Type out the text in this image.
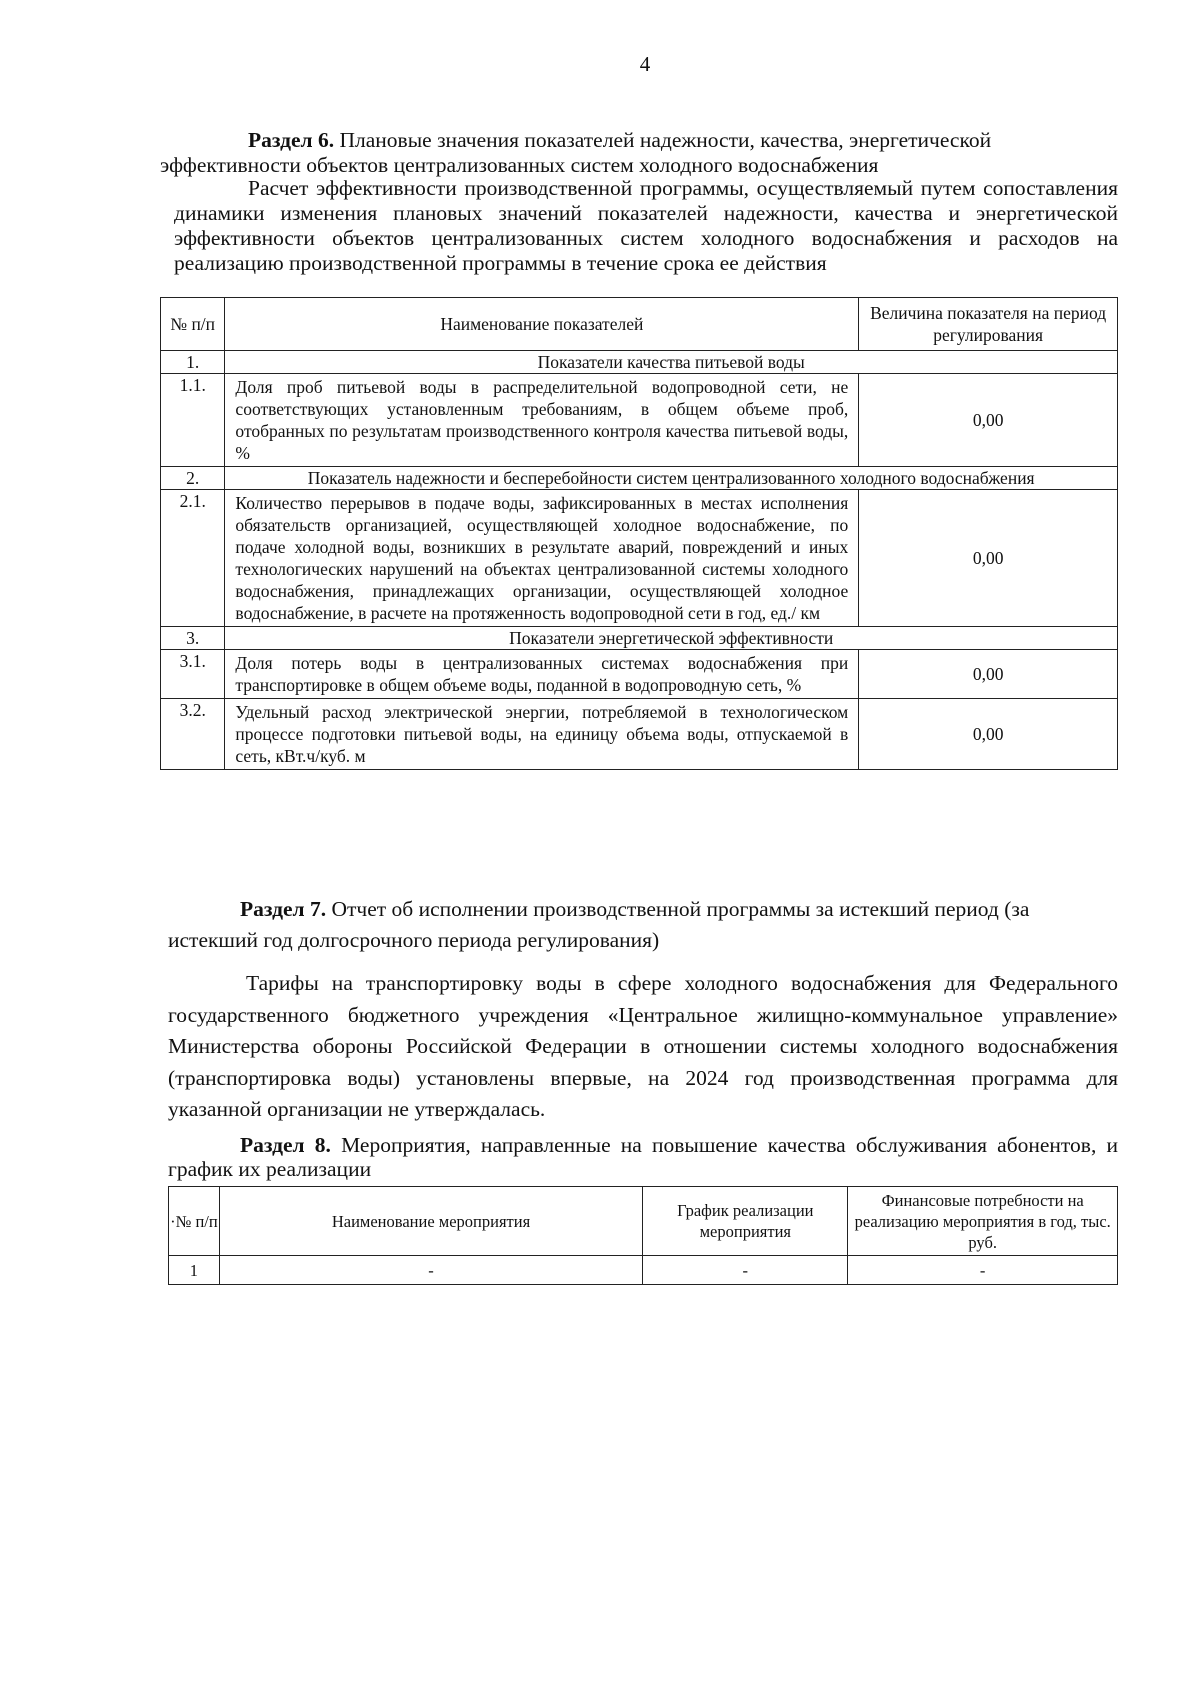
4
Раздел 6. Плановые значения показателей надежности, качества, энергетической эффективности объектов централизованных систем холодного водоснабжения
Расчет эффективности производственной программы, осуществляемый путем сопоставления динамики изменения плановых значений показателей надежности, качества и энергетической эффективности объектов централизованных систем холодного водоснабжения и расходов на реализацию производственной программы в течение срока ее действия
№ п/п	Наименование показателей	Величина показателя на период регулирования
1.	Показатели качества питьевой воды	
1.1.	Доля проб питьевой воды в распределительной водопроводной сети, не соответствующих установленным требованиям, в общем объеме проб, отобранных по результатам производственного контроля качества питьевой воды, %	0,00
2.	Показатель надежности и бесперебойности систем централизованного холодного водоснабжения	
2.1.	Количество перерывов в подаче воды, зафиксированных в местах исполнения обязательств организацией, осуществляющей холодное водоснабжение, по подаче холодной воды, возникших в результате аварий, повреждений и иных технологических нарушений на объектах централизованной системы холодного водоснабжения, принадлежащих организации, осуществляющей холодное водоснабжение, в расчете на протяженность водопроводной сети в год, ед./ км	0,00
3.	Показатели энергетической эффективности	
3.1.	Доля потерь воды в централизованных системах водоснабжения при транспортировке в общем объеме воды, поданной в водопроводную сеть, %	0,00
3.2.	Удельный расход электрической энергии, потребляемой в технологическом процессе подготовки питьевой воды, на единицу объема воды, отпускаемой в сеть, кВт.ч/куб. м	0,00
Раздел 7. Отчет об исполнении производственной программы за истекший период (за истекший год долгосрочного периода регулирования)
Тарифы на транспортировку воды в сфере холодного водоснабжения для Федерального государственного бюджетного учреждения «Центральное жилищно-коммунальное управление» Министерства обороны Российской Федерации в отношении системы холодного водоснабжения (транспортировка воды) установлены впервые, на 2024 год производственная программа для указанной организации не утверждалась.
Раздел 8. Мероприятия, направленные на повышение качества обслуживания абонентов, и график их реализации
·№ п/п	Наименование мероприятия	График реализации мероприятия	Финансовые потребности на реализацию мероприятия в год, тыс. руб.
1	-	-	-
